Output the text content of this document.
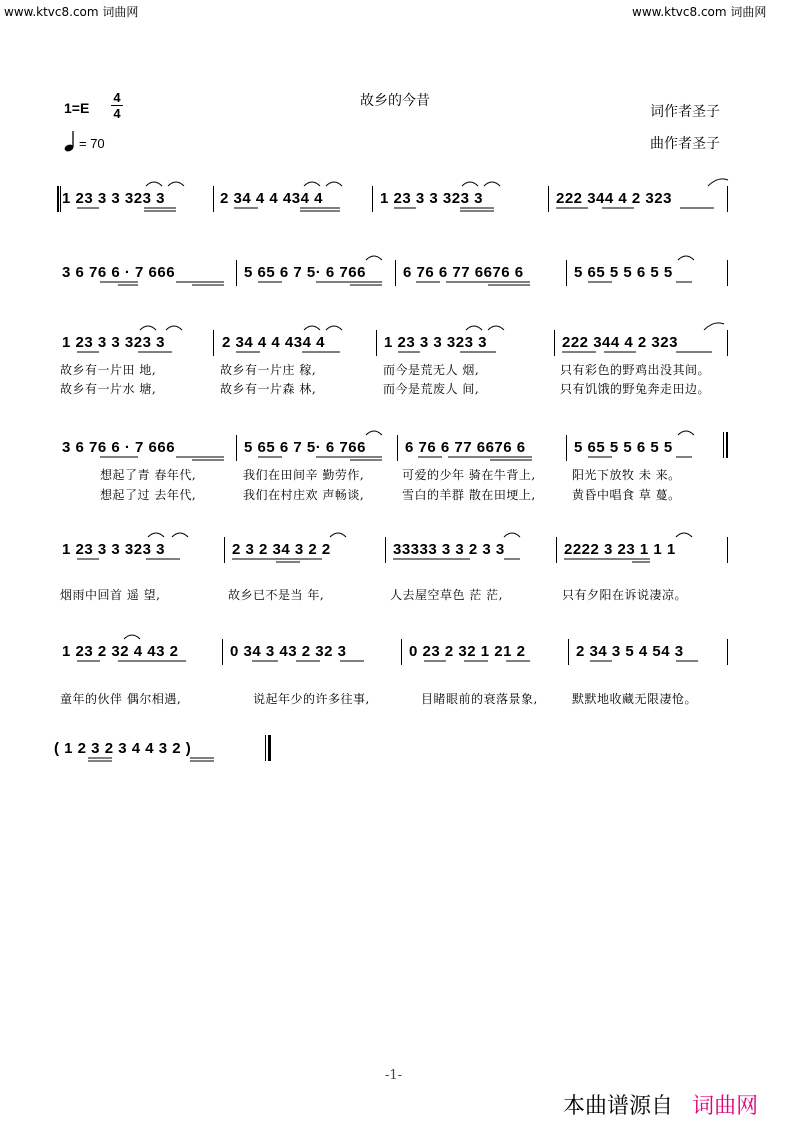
www.ktvc8.com 词曲网	www.ktvc8.com 词曲网
故乡的今昔
1=E
4
4
= 70
词作者圣子
曲作者圣子
1 23 3 3 323 3	2 34 4 4 434 4	1 23 3 3 323 3	222 344 4 2 323
3 6 76 6 · 7 666	5 65 6 7 5· 6 766 6 76 6 77 6676 6	5 65 5 5 6 5 5
1 23 3 3 323 3	2 34 4 4 434 4	1 23 3 3 323 3	222 344 4 2 323
故乡有一片田 地,	故乡有一片庄 稼,	而今是荒无人 烟,	只有彩色的野鸡出没其间。
故乡有一片水 塘,	故乡有一片森 林,	而今是荒废人 间,	只有饥饿的野兔奔走田边。
3 6 76 6 · 7 666	5 65 6 7 5· 6 766	6 76 6 77 6676 6	5 65 5 5 6 5 5
想起了青 春年代,	我们在田间辛 勤劳作,	可爱的少年 骑在牛背上,	阳光下放牧 未 来。
想起了过 去年代,	我们在村庄欢 声畅谈,	雪白的羊群 散在田埂上,	黄昏中唱食 草 蔓。
1 23 3 3 323 3	2 3 2 34 3 2 2	33333 3 3 2 3 3	2222 3 23 1 1 1
烟雨中回首 遥 望,	故乡已不是当 年,	人去屋空草色 茫 茫,	只有夕阳在诉说凄凉。
1 23 2 32 4 43 2	0 34 3 43 2 32 3	0 23 2 32 1 21 2	2 34 3 5 4 54 3
童年的伙伴 偶尔相遇,	说起年少的许多往事,	目睹眼前的衰落景象,	默默地收藏无限凄怆。
( 1 2 3 2 3 4 4 3 2 )
-1-
本曲谱源自 词曲网
